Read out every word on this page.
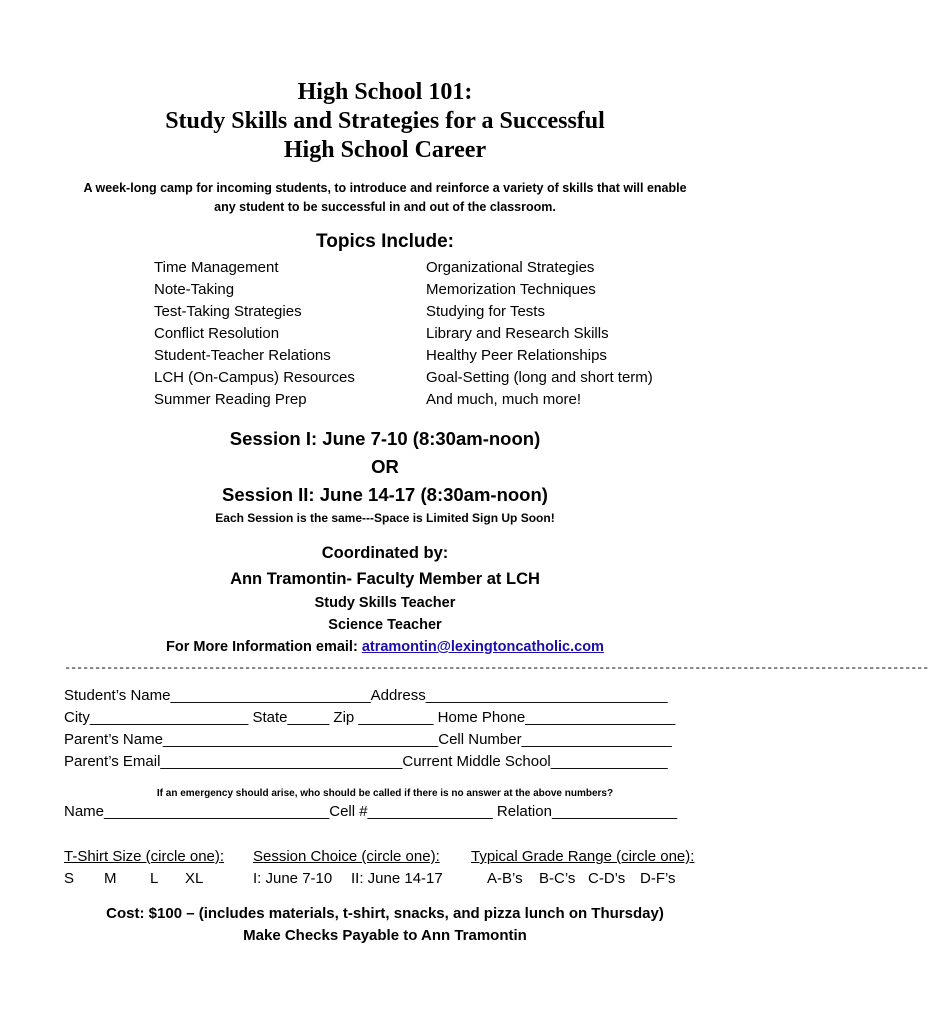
High School 101:
Study Skills and Strategies for a Successful
High School Career
A week-long camp for incoming students, to introduce and reinforce a variety of skills that will enable
any student to be successful in and out of the classroom.
Topics Include:
Time Management
Note-Taking
Test-Taking Strategies
Conflict Resolution
Student-Teacher Relations
LCH (On-Campus) Resources
Summer Reading Prep
Organizational Strategies
Memorization Techniques
Studying for Tests
Library and Research Skills
Healthy Peer Relationships
Goal-Setting (long and short term)
And much, much more!
Session I: June 7-10 (8:30am-noon)
OR
Session II: June 14-17 (8:30am-noon)
Each Session is the same---Space is Limited Sign Up Soon!
Coordinated by:
Ann Tramontin- Faculty Member at LCH
Study Skills Teacher
Science Teacher
For More Information email: atramontin@lexingtoncatholic.com
------------------------------------------------------------------------------------------------------------------------------------------------
Student’s Name________________________Address_____________________________
City___________________ State_____ Zip _________ Home Phone__________________
Parent’s Name_________________________________Cell Number__________________
Parent’s Email_____________________________Current Middle School______________
If an emergency should arise, who should be called if there is no answer at the above numbers?
Name___________________________Cell #_______________ Relation_______________
T-Shirt Size (circle one): Session Choice (circle one): Typical Grade Range (circle one):
S M L XL	I: June 7-10 II: June 14-17	A-B’s B-C’s C-D’s D-F’s
Cost: $100 – (includes materials, t-shirt, snacks, and pizza lunch on Thursday)
Make Checks Payable to Ann Tramontin
